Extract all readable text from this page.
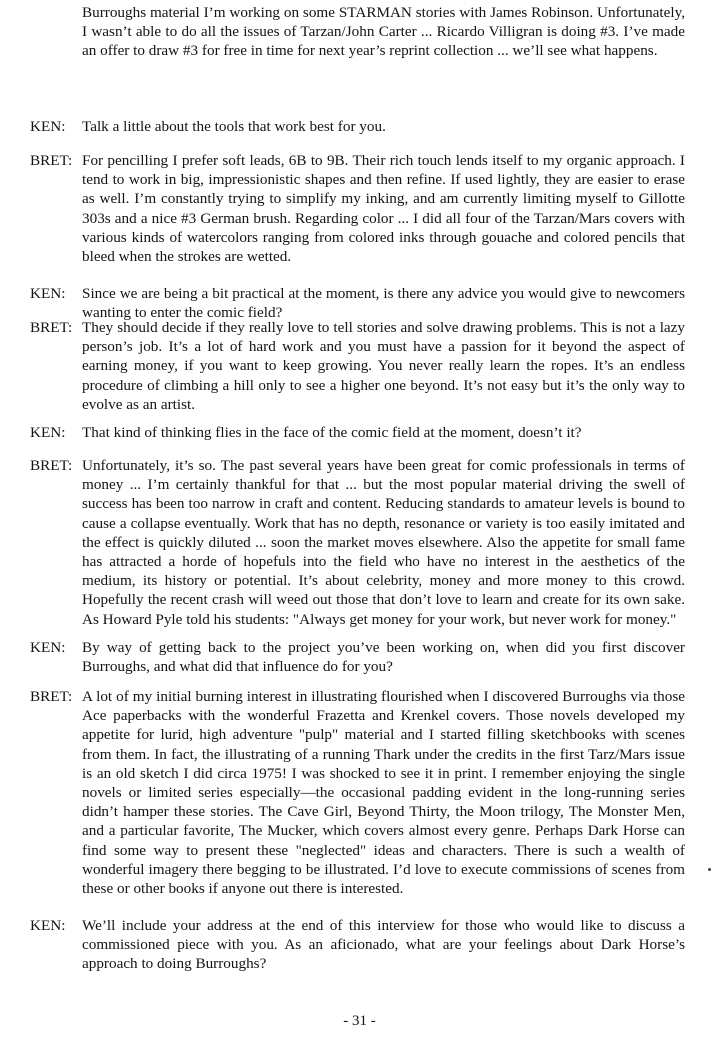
Burroughs material I’m working on some STARMAN stories with James Robinson. Unfortunately, I wasn’t able to do all the issues of Tarzan/John Carter ... Ricardo Villigran is doing #3. I’ve made an offer to draw #3 for free in time for next year’s reprint collection ... we’ll see what happens.
KEN: Talk a little about the tools that work best for you.
BRET: For pencilling I prefer soft leads, 6B to 9B. Their rich touch lends itself to my organic approach. I tend to work in big, impressionistic shapes and then refine. If used lightly, they are easier to erase as well. I’m constantly trying to simplify my inking, and am currently limiting myself to Gillotte 303s and a nice #3 German brush. Regarding color ... I did all four of the Tarzan/Mars covers with various kinds of watercolors ranging from colored inks through gouache and colored pencils that bleed when the strokes are wetted.
KEN: Since we are being a bit practical at the moment, is there any advice you would give to newcomers wanting to enter the comic field?
BRET: They should decide if they really love to tell stories and solve drawing problems. This is not a lazy person’s job. It’s a lot of hard work and you must have a passion for it beyond the aspect of earning money, if you want to keep growing. You never really learn the ropes. It’s an endless procedure of climbing a hill only to see a higher one beyond. It’s not easy but it’s the only way to evolve as an artist.
KEN: That kind of thinking flies in the face of the comic field at the moment, doesn’t it?
BRET: Unfortunately, it’s so. The past several years have been great for comic professionals in terms of money ... I’m certainly thankful for that ... but the most popular material driving the swell of success has been too narrow in craft and content. Reducing standards to amateur levels is bound to cause a collapse eventually. Work that has no depth, resonance or variety is too easily imitated and the effect is quickly diluted ... soon the market moves elsewhere. Also the appetite for small fame has attracted a horde of hopefuls into the field who have no interest in the aesthetics of the medium, its history or potential. It’s about celebrity, money and more money to this crowd. Hopefully the recent crash will weed out those that don’t love to learn and create for its own sake. As Howard Pyle told his students: "Always get money for your work, but never work for money."
KEN: By way of getting back to the project you’ve been working on, when did you first discover Burroughs, and what did that influence do for you?
BRET: A lot of my initial burning interest in illustrating flourished when I discovered Burroughs via those Ace paperbacks with the wonderful Frazetta and Krenkel covers. Those novels developed my appetite for lurid, high adventure "pulp" material and I started filling sketchbooks with scenes from them. In fact, the illustrating of a running Thark under the credits in the first Tarz/Mars issue is an old sketch I did circa 1975! I was shocked to see it in print. I remember enjoying the single novels or limited series especially—the occasional padding evident in the long-running series didn’t hamper these stories. The Cave Girl, Beyond Thirty, the Moon trilogy, The Monster Men, and a particular favorite, The Mucker, which covers almost every genre. Perhaps Dark Horse can find some way to present these "neglected" ideas and characters. There is such a wealth of wonderful imagery there begging to be illustrated. I’d love to execute commissions of scenes from these or other books if anyone out there is interested.
KEN: We’ll include your address at the end of this interview for those who would like to discuss a commissioned piece with you. As an aficionado, what are your feelings about Dark Horse’s approach to doing Burroughs?
- 31 -
